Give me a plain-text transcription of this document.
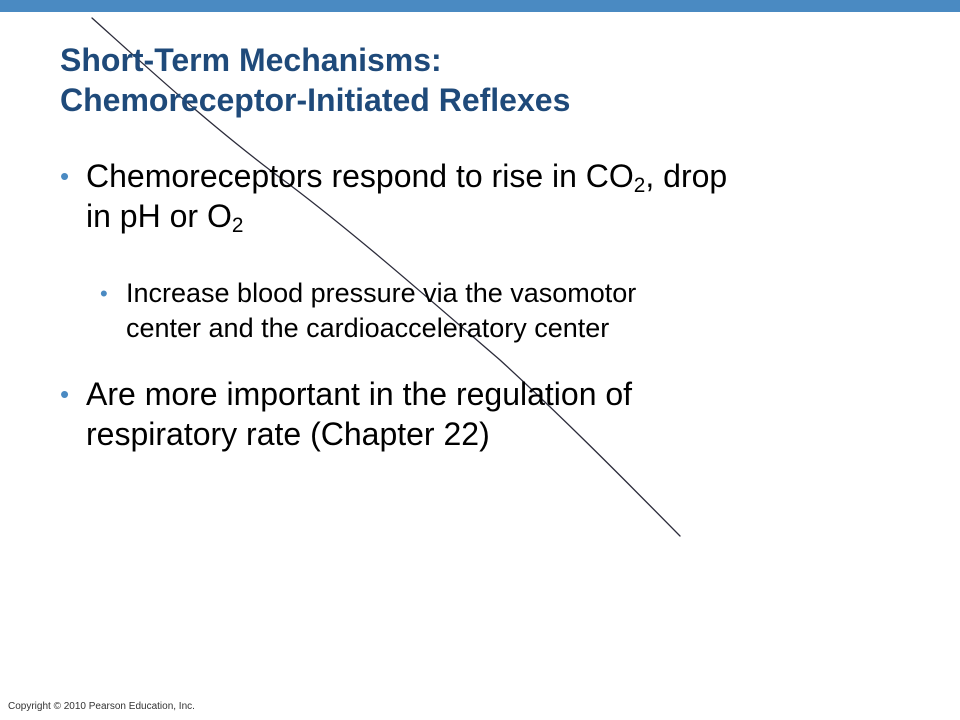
Short-Term Mechanisms:
Chemoreceptor-Initiated Reflexes
• Chemoreceptors respond to rise in $CO_2$, drop
in pH or $O_2$
• Increase blood pressure via the vasomotor
center and the cardioacceleratory center
• Are more important in the regulation of
respiratory rate (Chapter 22)
Copyright © 2010 Pearson Education, Inc.
